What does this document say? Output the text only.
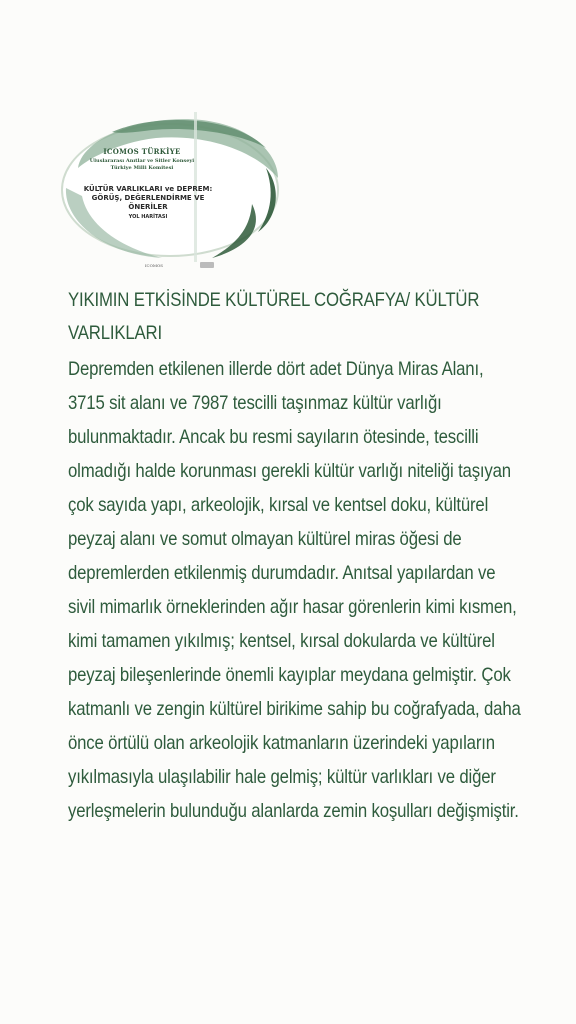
ICOMOS TÜRKİYE
Uluslararası Anıtlar ve Sitler Konseyi
Türkiye Milli Komitesi
KÜLTÜR VARLIKLARI ve DEPREM:
GÖRÜŞ, DEĞERLENDİRME VE
ÖNERİLER
YOL HARİTASI
ICOMOS
YIKIMIN ETKİSİNDE KÜLTÜREL COĞRAFYA/ KÜLTÜR VARLIKLARI

Depremden etkilenen illerde dört adet Dünya Miras Alanı, 3715 sit alanı ve 7987 tescilli taşınmaz kültür varlığı bulunmaktadır. Ancak bu resmi sayıların ötesinde, tescilli olmadığı halde korunması gerekli kültür varlığı niteliği taşıyan çok sayıda yapı, arkeolojik, kırsal ve kentsel doku, kültürel peyzaj alanı ve somut olmayan kültürel miras öğesi de depremlerden etkilenmiş durumdadır. Anıtsal yapılardan ve sivil mimarlık örneklerinden ağır hasar görenlerin kimi kısmen, kimi tamamen yıkılmış; kentsel, kırsal dokularda ve kültürel peyzaj bileşenlerinde önemli kayıplar meydana gelmiştir. Çok katmanlı ve zengin kültürel birikime sahip bu coğrafyada, daha önce örtülü olan arkeolojik katmanların üzerindeki yapıların yıkılmasıyla ulaşılabilir hale gelmiş; kültür varlıkları ve diğer yerleşmelerin bulunduğu alanlarda zemin koşulları değişmiştir.
